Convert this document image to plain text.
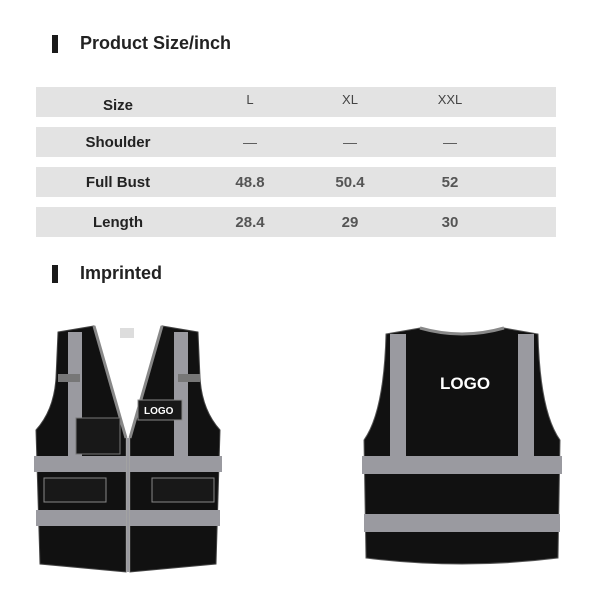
Product Size/inch
Size	L	XL	XXL
Shoulder	—	—	—
Full Bust	48.8	50.4	52
Length	28.4	29	30
Imprinted
LOGO
LOGO
